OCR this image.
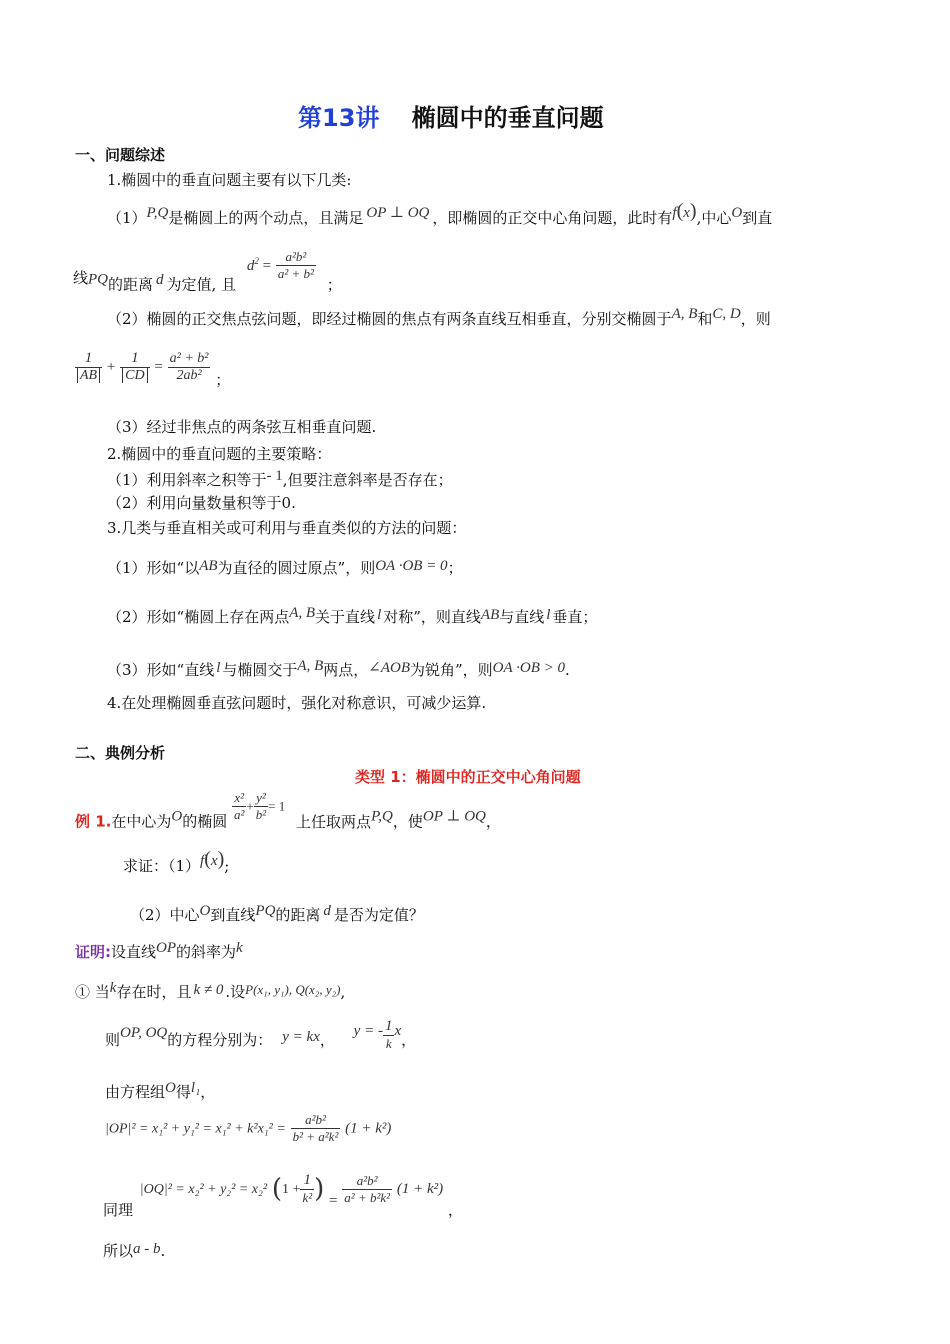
第13讲 椭圆中的垂直问题
一、问题综述
1.椭圆中的垂直问题主要有以下几类:
（1）P,Q是椭圆上的两个动点，且满足 OP ⊥ OQ ，即椭圆的正交中心角问题，此时有f(x),中心O到直
线PQ的距离 d 为定值, 且 $d^2 = \frac{\text{a²b²}}{\text{a² + b²}}$
；
（2）椭圆的正交焦点弦问题，即经过椭圆的焦点有两条直线互相垂直，分别交椭圆于A, B和C, D，则
$\frac{1}{AB} + \frac{1}{CD} = \frac{\text{a² + b²}}{\text{2ab²}}$ ；
（3）经过非焦点的两条弦互相垂直问题.
2.椭圆中的垂直问题的主要策略：
（1）利用斜率之积等于- 1,但要注意斜率是否存在；
（2）利用向量数量积等于0.
3.几类与垂直相关或可利用与垂直类似的方法的问题：
（1）形如“以AB为直径的圆过原点”，则OA ·OB = 0；
（2）形如“椭圆上存在两点A, B关于直线 l 对称”，则直线AB与直线 l 垂直；
（3）形如“直线 l 与椭圆交于A, B两点，∠AOB为锐角”，则OA ·OB > 0.
4.在处理椭圆垂直弦问题时，强化对称意识，可减少运算.
二、典例分析
类型 1：椭圆中的正交中心角问题
例 1.在中心为O的椭圆 $\frac{\text{x²}}{\text{a²}} + \frac{\text{y²}}{\text{b²}} = 1$ 上任取两点P,Q，使OP ⊥ OQ，
求证：（1）f(x);
（2）中心O到直线PQ的距离 d 是否为定值？
证明:设直线OP的斜率为k
① 当k存在时，且 k ≠ 0 .设P(x₁, y₁), Q(x₂, y₂),
则OP, OQ的方程分别为： y = kx， y = - $\frac{1}{k}$ x，
由方程组O得l₁，
$|OP|^2 = x_1^2 + y_1^2 = x_1^2 + k^2x_1^2 = \frac{\text{a²b²}}{\text{b² + a²k²}} (1 + k^2)$
同理 |OQ|² = x₂² + y₂² = x₂² ($1 + \frac{1}{\text{k²}}$ ) = $\frac{\text{a²b²}}{\text{a² + b²k²}} (1 + k^2)$ ，
所以a - b.
